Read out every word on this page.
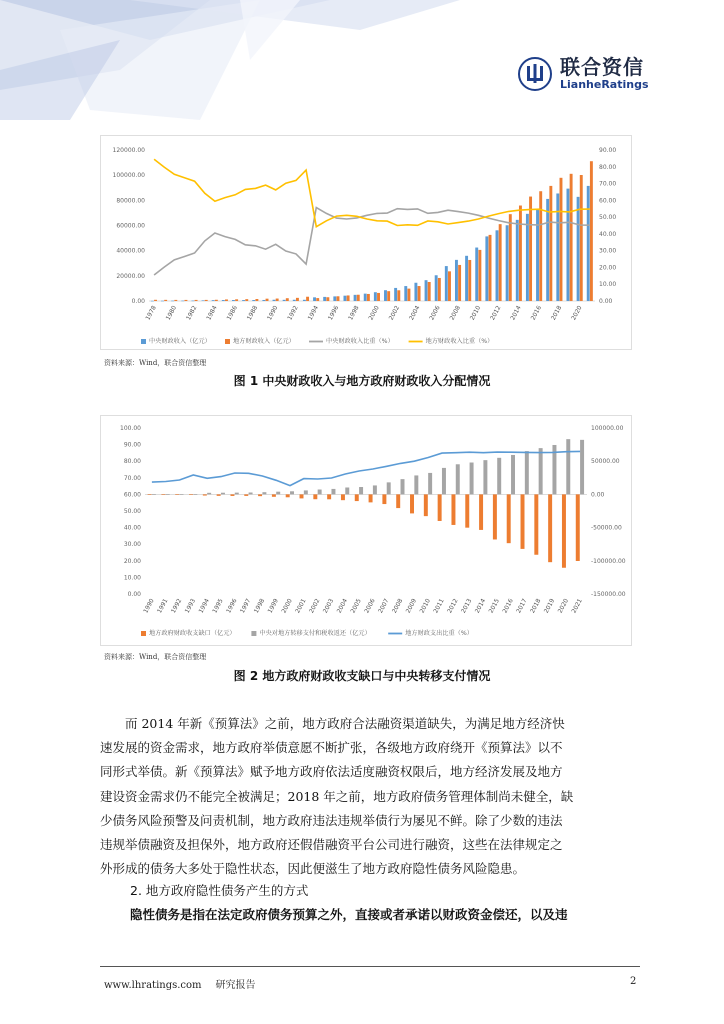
联合资信
LianheRatings
0.00
20000.00
40000.00
60000.00
80000.00
100000.00
120000.00
0.00
10.00
20.00
30.00
40.00
50.00
60.00
70.00
80.00
90.00
1978 1980 1982 1984 1986 1988 1990 1992 1994 1996 1998 2000 2002 2004 2006 2008 2010 2012 2014 2016 2018 2020
中央财政收入（亿元）	地方财政收入（亿元）	中央财政收入比重（%）	地方财政收入比重（%）
资料来源：Wind，联合资信整理
图 1 中央财政收入与地方政府财政收入分配情况
0.00
10.00
20.00
30.00
40.00
50.00
60.00
70.00
80.00
90.00
100.00
-150000.00
-100000.00
-50000.00
0.00
50000.00
100000.00
1990 1991 1992 1993 1994 1995 1996 1997 1998 1999 2000 2001 2002 2003 2004 2005 2006 2007 2008 2009 2010 2011 2012 2013 2014 2015 2016 2017 2018 2019 2020 2021
地方政府财政收支缺口（亿元）	中央对地方转移支付和税收返还（亿元）	地方财政支出比重（%）
资料来源：Wind，联合资信整理
图 2 地方政府财政收支缺口与中央转移支付情况
而 2014 年新《预算法》之前，地方政府合法融资渠道缺失，为满足地方经济快
速发展的资金需求，地方政府举债意愿不断扩张，各级地方政府绕开《预算法》以不
同形式举债。新《预算法》赋予地方政府依法适度融资权限后，地方经济发展及地方
建设资金需求仍不能完全被满足；2018 年之前，地方政府债务管理体制尚未健全，缺
少债务风险预警及问责机制，地方政府违法违规举债行为屡见不鲜。除了少数的违法
违规举债融资及担保外，地方政府还假借融资平台公司进行融资，这些在法律规定之
外形成的债务大多处于隐性状态，因此便滋生了地方政府隐性债务风险隐患。
2. 地方政府隐性债务产生的方式
隐性债务是指在法定政府债务预算之外，直接或者承诺以财政资金偿还，以及违
www.lhratings.com 研究报告	2
